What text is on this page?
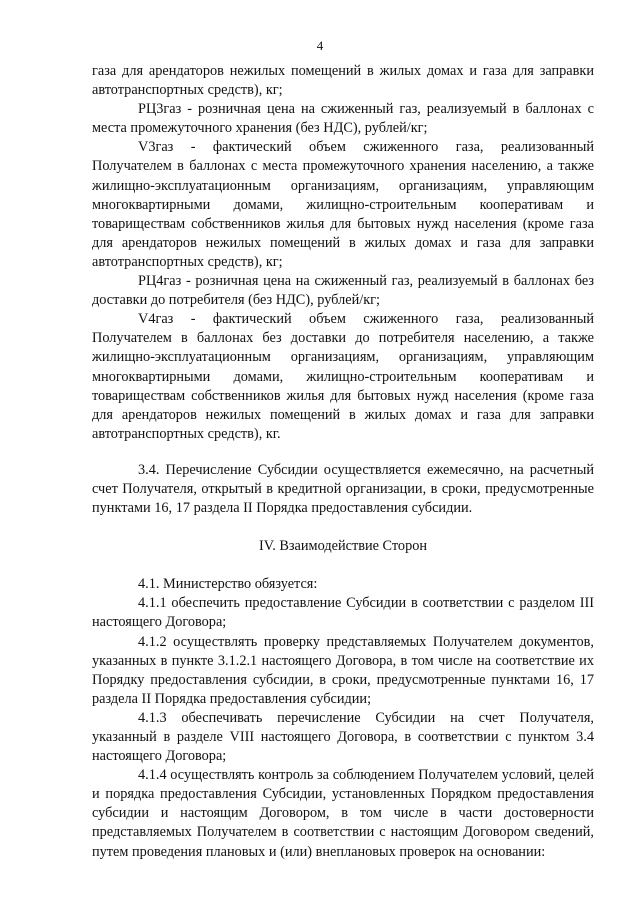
4

газа для арендаторов нежилых помещений в жилых домах и газа для заправки автотранспортных средств), кг;

РЦ3газ - розничная цена на сжиженный газ, реализуемый в баллонах с места промежуточного хранения (без НДС), рублей/кг;

V3газ - фактический объем сжиженного газа, реализованный Получателем в баллонах с места промежуточного хранения населению, а также жилищно-эксплуатационным организациям, организациям, управляющим многоквартирными домами, жилищно-строительным кооперативам и товариществам собственников жилья для бытовых нужд населения (кроме газа для арендаторов нежилых помещений в жилых домах и газа для заправки автотранспортных средств), кг;

РЦ4газ - розничная цена на сжиженный газ, реализуемый в баллонах без доставки до потребителя (без НДС), рублей/кг;

V4газ - фактический объем сжиженного газа, реализованный Получателем в баллонах без доставки до потребителя населению, а также жилищно-эксплуатационным организациям, организациям, управляющим многоквартирными домами, жилищно-строительным кооперативам и товариществам собственников жилья для бытовых нужд населения (кроме газа для арендаторов нежилых помещений в жилых домах и газа для заправки автотранспортных средств), кг.

3.4. Перечисление Субсидии осуществляется ежемесячно, на расчетный счет Получателя, открытый в кредитной организации, в сроки, предусмотренные пунктами 16, 17 раздела II Порядка предоставления субсидии.

IV. Взаимодействие Сторон

4.1. Министерство обязуется:

4.1.1 обеспечить предоставление Субсидии в соответствии с разделом III настоящего Договора;

4.1.2 осуществлять проверку представляемых Получателем документов, указанных в пункте 3.1.2.1 настоящего Договора, в том числе на соответствие их Порядку предоставления субсидии, в сроки, предусмотренные пунктами 16, 17 раздела II Порядка предоставления субсидии;

4.1.3 обеспечивать перечисление Субсидии на счет Получателя, указанный в разделе VIII настоящего Договора, в соответствии с пунктом 3.4 настоящего Договора;

4.1.4 осуществлять контроль за соблюдением Получателем условий, целей и порядка предоставления Субсидии, установленных Порядком предоставления субсидии и настоящим Договором, в том числе в части достоверности представляемых Получателем в соответствии с настоящим Договором сведений, путем проведения плановых и (или) внеплановых проверок на основании:
